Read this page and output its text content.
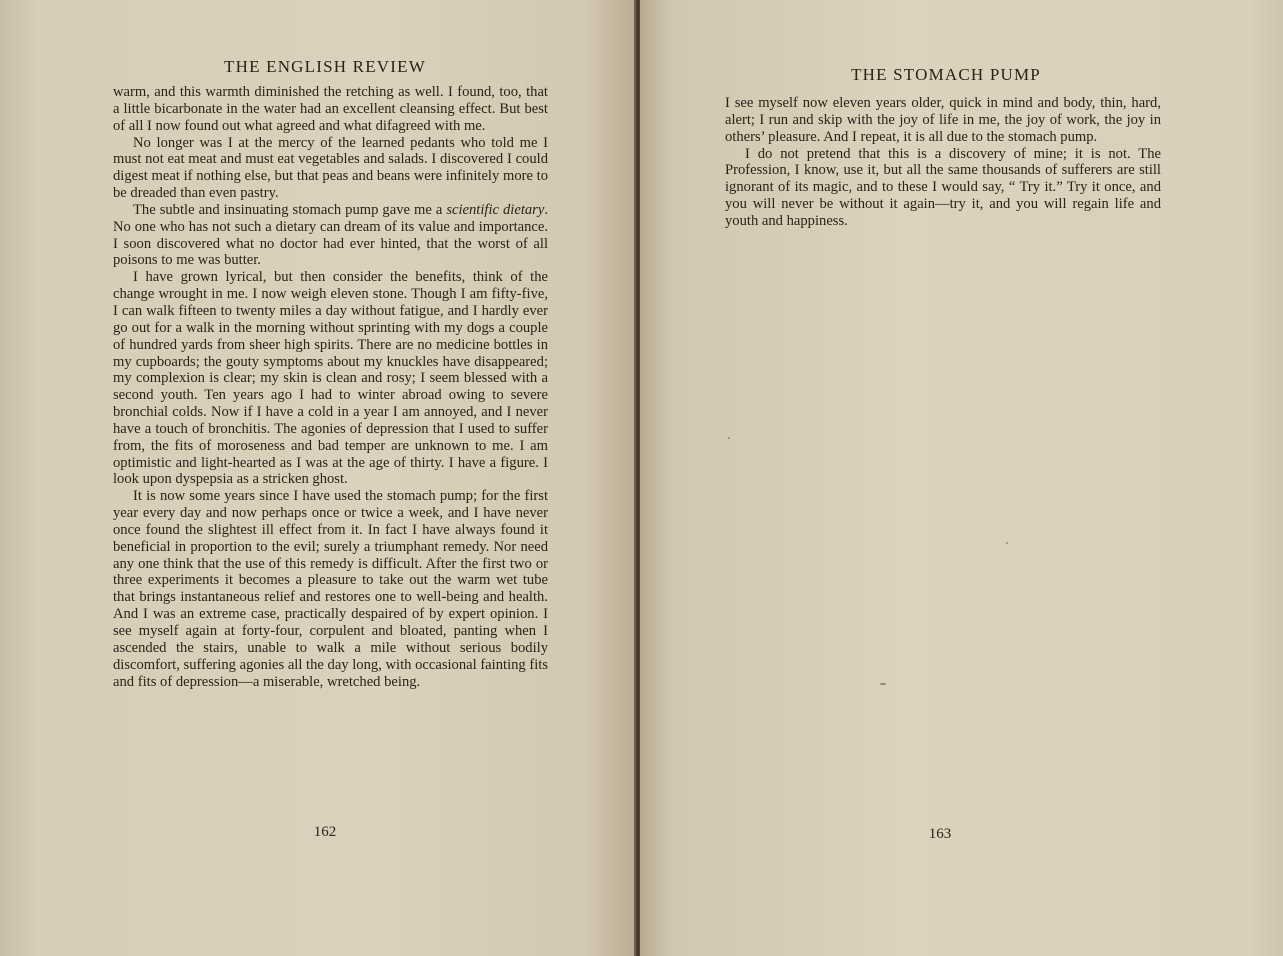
THE ENGLISH REVIEW

warm, and this warmth diminished the retching as well. I found, too, that a little bicarbonate in the water had an excellent cleansing effect. But best of all I now found out what agreed and what difagreed with me.

No longer was I at the mercy of the learned pedants who told me I must not eat meat and must eat vegetables and salads. I discovered I could digest meat if nothing else, but that peas and beans were infinitely more to be dreaded than even pastry.

The subtle and insinuating stomach pump gave me a scientific dietary. No one who has not such a dietary can dream of its value and importance. I soon discovered what no doctor had ever hinted, that the worst of all poisons to me was butter.

I have grown lyrical, but then consider the benefits, think of the change wrought in me. I now weigh eleven stone. Though I am fifty-five, I can walk fifteen to twenty miles a day without fatigue, and I hardly ever go out for a walk in the morning without sprinting with my dogs a couple of hundred yards from sheer high spirits. There are no medicine bottles in my cupboards; the gouty symptoms about my knuckles have disappeared; my complexion is clear; my skin is clean and rosy; I seem blessed with a second youth. Ten years ago I had to winter abroad owing to severe bronchial colds. Now if I have a cold in a year I am annoyed, and I never have a touch of bronchitis. The agonies of depression that I used to suffer from, the fits of moroseness and bad temper are unknown to me. I am optimistic and light-hearted as I was at the age of thirty. I have a figure. I look upon dyspepsia as a stricken ghost.

It is now some years since I have used the stomach pump; for the first year every day and now perhaps once or twice a week, and I have never once found the slightest ill effect from it. In fact I have always found it beneficial in proportion to the evil; surely a triumphant remedy. Nor need any one think that the use of this remedy is difficult. After the first two or three experiments it becomes a pleasure to take out the warm wet tube that brings instantaneous relief and restores one to well-being and health. And I was an extreme case, practically despaired of by expert opinion. I see myself again at forty-four, corpulent and bloated, panting when I ascended the stairs, unable to walk a mile without serious bodily discomfort, suffering agonies all the day long, with occasional fainting fits and fits of depression—a miserable, wretched being.

162
THE STOMACH PUMP

I see myself now eleven years older, quick in mind and body, thin, hard, alert; I run and skip with the joy of life in me, the joy of work, the joy in others’ pleasure. And I repeat, it is all due to the stomach pump.

I do not pretend that this is a discovery of mine; it is not. The Profession, I know, use it, but all the same thousands of sufferers are still ignorant of its magic, and to these I would say, “ Try it.” Try it once, and you will never be without it again—try it, and you will regain life and youth and happiness.

163
